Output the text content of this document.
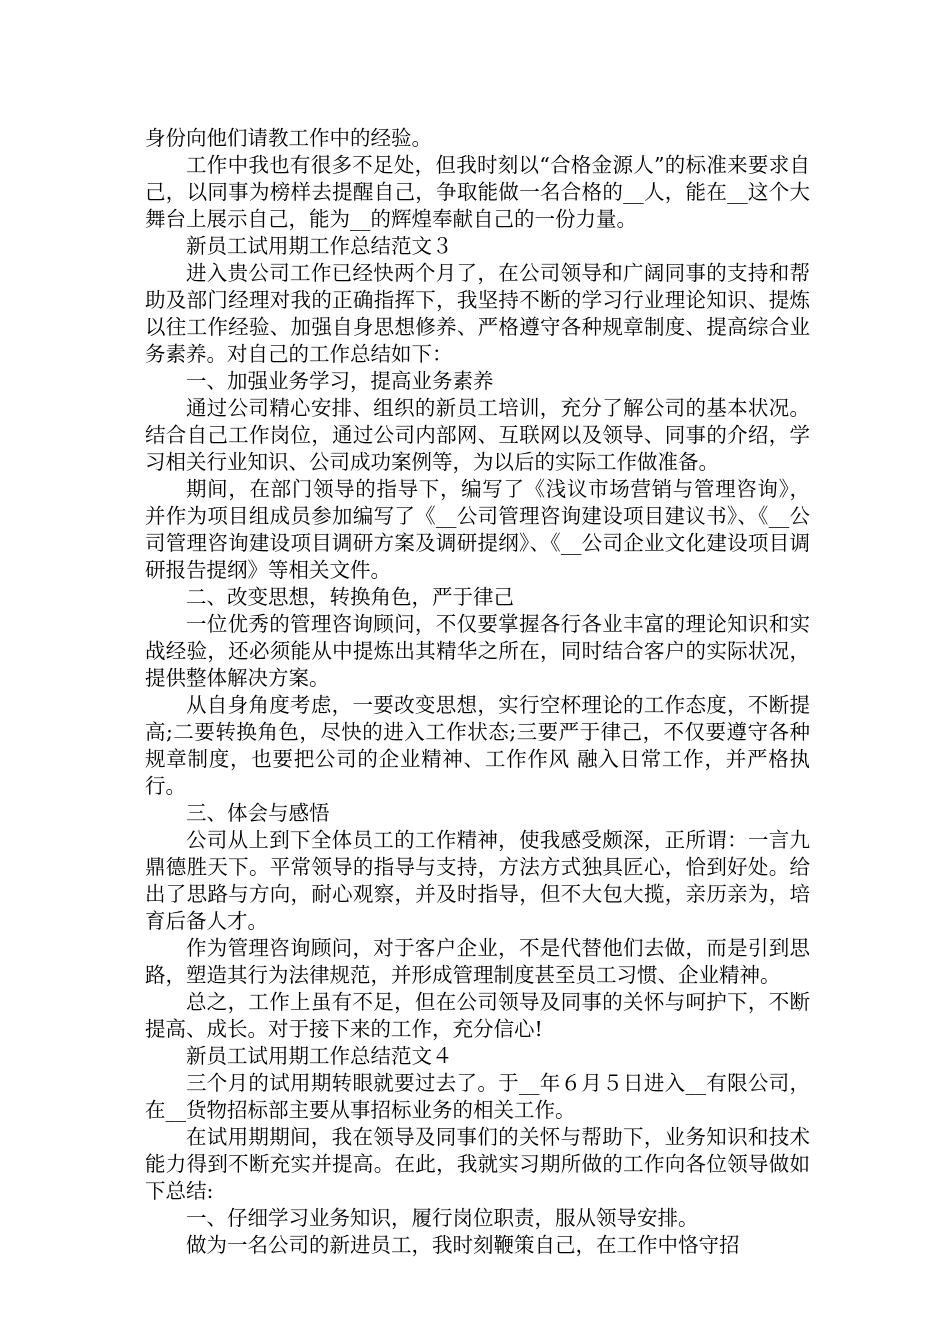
身份向他们请教工作中的经验。

工作中我也有很多不足处，但我时刻以“合格金源人”的标准来要求自己，以同事为榜样去提醒自己，争取能做一名合格的__人，能在__这个大舞台上展示自己，能为__的辉煌奉献自己的一份力量。

新员工试用期工作总结范文３

进入贵公司工作已经快两个月了，在公司领导和广阔同事的支持和帮助及部门经理对我的正确指挥下，我坚持不断的学习行业理论知识、提炼以往工作经验、加强自身思想修养、严格遵守各种规章制度、提高综合业务素养。对自己的工作总结如下：

一、加强业务学习，提高业务素养

通过公司精心安排、组织的新员工培训，充分了解公司的基本状况。结合自己工作岗位，通过公司内部网、互联网以及领导、同事的介绍，学习相关行业知识、公司成功案例等，为以后的实际工作做准备。

期间，在部门领导的指导下，编写了《浅议市场营销与管理咨询》，并作为项目组成员参加编写了《__公司管理咨询建设项目建议书》、《__公司管理咨询建设项目调研方案及调研提纲》、《__公司企业文化建设项目调研报告提纲》等相关文件。

二、改变思想，转换角色，严于律己

一位优秀的管理咨询顾问，不仅要掌握各行各业丰富的理论知识和实战经验，还必须能从中提炼出其精华之所在，同时结合客户的实际状况，提供整体解决方案。

从自身角度考虑，一要改变思想，实行空杯理论的工作态度，不断提高;二要转换角色，尽快的进入工作状态;三要严于律己，不仅要遵守各种规章制度，也要把公司的企业精神、工作作风 融入日常工作，并严格执行。

三、体会与感悟

公司从上到下全体员工的工作精神，使我感受颇深，正所谓：一言九鼎德胜天下。平常领导的指导与支持，方法方式独具匠心，恰到好处。给出了思路与方向，耐心观察，并及时指导，但不大包大揽，亲历亲为，培育后备人才。

作为管理咨询顾问，对于客户企业，不是代替他们去做，而是引到思路，塑造其行为法律规范，并形成管理制度甚至员工习惯、企业精神。

总之，工作上虽有不足，但在公司领导及同事的关怀与呵护下，不断提高、成长。对于接下来的工作，充分信心!

新员工试用期工作总结范文４

三个月的试用期转眼就要过去了。于__年６月５日进入__有限公司，在__货物招标部主要从事招标业务的相关工作。

在试用期期间，我在领导及同事们的关怀与帮助下，业务知识和技术能力得到不断充实并提高。在此，我就实习期所做的工作向各位领导做如下总结:

一、仔细学习业务知识，履行岗位职责，服从领导安排。

做为一名公司的新进员工，我时刻鞭策自己，在工作中恪守招
